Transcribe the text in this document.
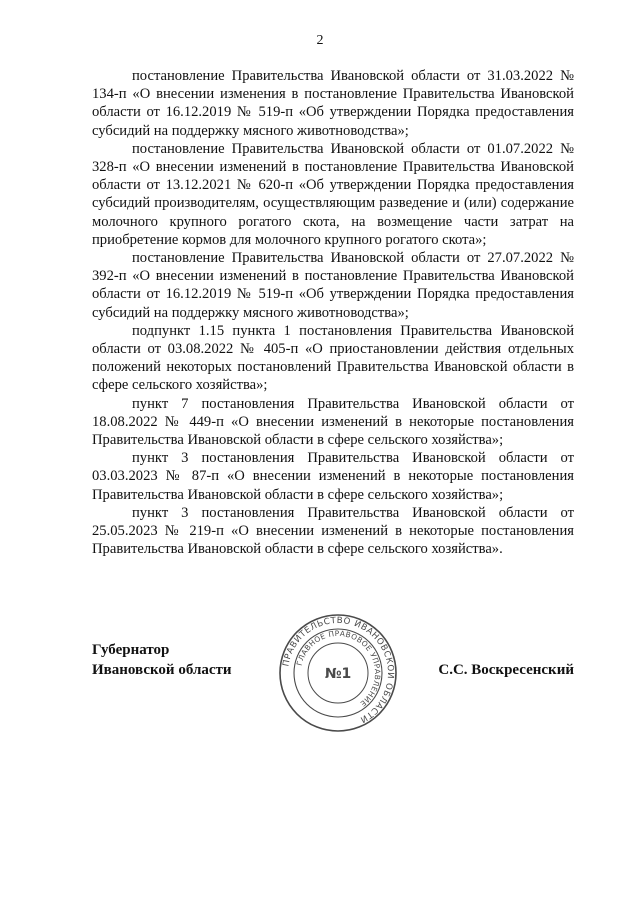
2

постановление Правительства Ивановской области от 31.03.2022 № 134-п «О внесении изменения в постановление Правительства Ивановской области от 16.12.2019 № 519-п «Об утверждении Порядка предоставления субсидий на поддержку мясного животноводства»;

постановление Правительства Ивановской области от 01.07.2022 № 328-п «О внесении изменений в постановление Правительства Ивановской области от 13.12.2021 № 620-п «Об утверждении Порядка предоставления субсидий производителям, осуществляющим разведение и (или) содержание молочного крупного рогатого скота, на возмещение части затрат на приобретение кормов для молочного крупного рогатого скота»;

постановление Правительства Ивановской области от 27.07.2022 № 392-п «О внесении изменений в постановление Правительства Ивановской области от 16.12.2019 № 519-п «Об утверждении Порядка предоставления субсидий на поддержку мясного животноводства»;

подпункт 1.15 пункта 1 постановления Правительства Ивановской области от 03.08.2022 № 405-п «О приостановлении действия отдельных положений некоторых постановлений Правительства Ивановской области в сфере сельского хозяйства»;

пункт 7 постановления Правительства Ивановской области от 18.08.2022 № 449-п «О внесении изменений в некоторые постановления Правительства Ивановской области в сфере сельского хозяйства»;

пункт 3 постановления Правительства Ивановской области от 03.03.2023 № 87-п «О внесении изменений в некоторые постановления Правительства Ивановской области в сфере сельского хозяйства»;

пункт 3 постановления Правительства Ивановской области от 25.05.2023 № 219-п «О внесении изменений в некоторые постановления Правительства Ивановской области в сфере сельского хозяйства».

Губернатор
Ивановской области	ПРАВИТЕЛЬСТВО ИВАНОВСКОЙ ОБЛАСТИ
ГЛАВНОЕ ПРАВОВОЕ УПРАВЛЕНИЕ
№1	С.С. Воскресенский
